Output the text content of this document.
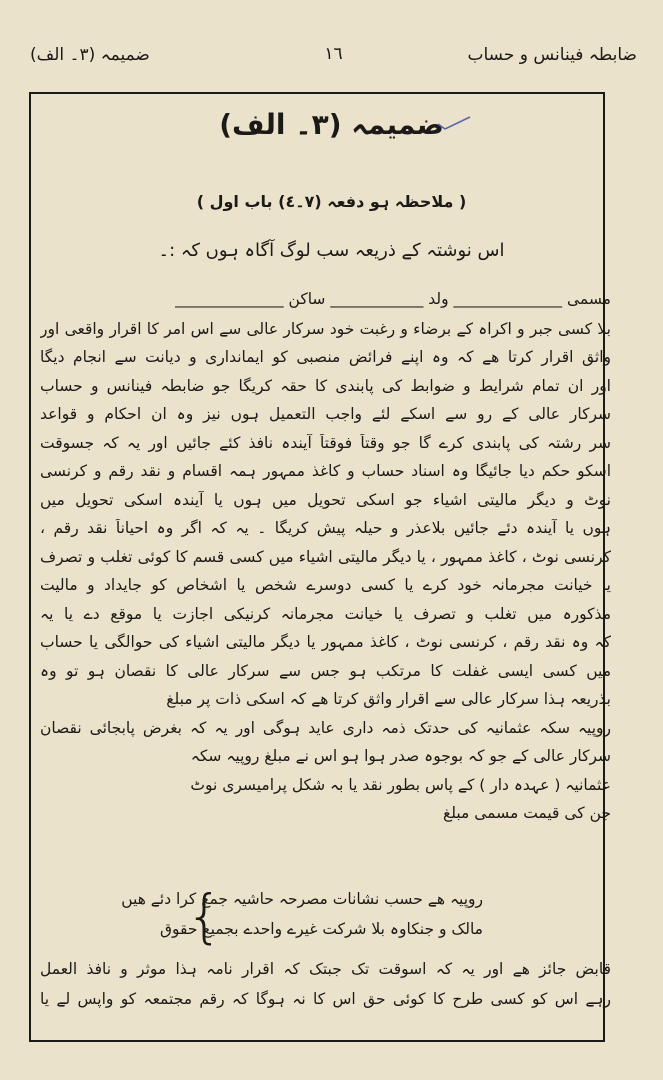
ضابطہ فینانس و حساب
١٦
ضمیمہ (٣۔ الف)
ضمیمہ (٣۔ الف)
( ملاحظہ ہو دفعہ (٧۔٤) باب اول )
اس نوشتہ کے ذریعہ سب لوگ آگاہ ہوں کہ :۔
مسمی ______________ ولد ____________ ساکن ______________
بلا کسی جبر و اکراہ کے برضاء و رغبت خود سرکار عالی سے اس امر کا اقرار واقعی اور
واثق اقرار کرتا ھے کہ وہ اپنے فرائض منصبی کو ایمانداری و دیانت سے انجام دیگا
اور ان تمام شرایط و ضوابط کی پابندی کا حقہ کریگا جو ضابطہ فینانس و حساب
سرکار عالی کے رو سے اسکے لئے واجب التعمیل ہوں نیز وہ ان احکام و قواعد
سر رشتہ کی پابندی کرے گا جو وقتاً فوقتاً آیندہ نافذ کئے جائیں اور یہ کہ جسوقت
اسکو حکم دیا جائیگا وہ اسناد حساب و کاغذ ممہور ہمہ اقسام و نقد رقم و کرنسی
نوٹ و دیگر مالیتی اشیاء جو اسکی تحویل میں ہوں یا آیندہ اسکی تحویل میں
ہوں یا آیندہ دئے جائیں بلاعذر و حیلہ پیش کریگا ۔ یہ کہ اگر وہ احیاناً نقد رقم ،
کرنسی نوٹ ، کاغذ ممہور ، یا دیگر مالیتی اشیاء میں کسی قسم کا کوئی تغلب و تصرف
یا خیانت مجرمانہ خود کرے یا کسی دوسرے شخص یا اشخاص کو جایداد و مالیت
مذکورہ میں تغلب و تصرف یا خیانت مجرمانہ کرنیکی اجازت یا موقع دے یا یہ
کہ وہ نقد رقم ، کرنسی نوٹ ، کاغذ ممہور یا دیگر مالیتی اشیاء کی حوالگی یا حساب
میں کسی ایسی غفلت کا مرتکب ہو جس سے سرکار عالی کا نقصان ہو تو وہ
بذریعہ ہذا سرکار عالی سے اقرار واثق کرتا ھے کہ اسکی ذات پر مبلغ
روپیہ سکہ عثمانیہ کی حدتک ذمہ داری عاید ہوگی اور یہ کہ بغرض پابجائی نقصان
سرکار عالی کے جو کہ بوجوہ صدر ہوا ہو اس نے مبلغ روپیہ سکہ
عثمانیہ ( عہدہ دار ) کے پاس بطور نقد یا بہ شکل پرامیسری نوٹ
جن کی قیمت مسمی مبلغ
روپیہ ھے حسب نشانات مصرحہ حاشیہ جمع کرا دئے ھیں
مالک و جنکاوہ بلا شرکت غیرے واحدے بجمیع حقوق
{
قابض جائز ھے اور یہ کہ اسوقت تک جبتک کہ اقرار نامہ ہذا موثر و نافذ العمل
رہے اس کو کسی طرح کا کوئی حق اس کا نہ ہوگا کہ رقم مجتمعہ کو واپس لے یا
